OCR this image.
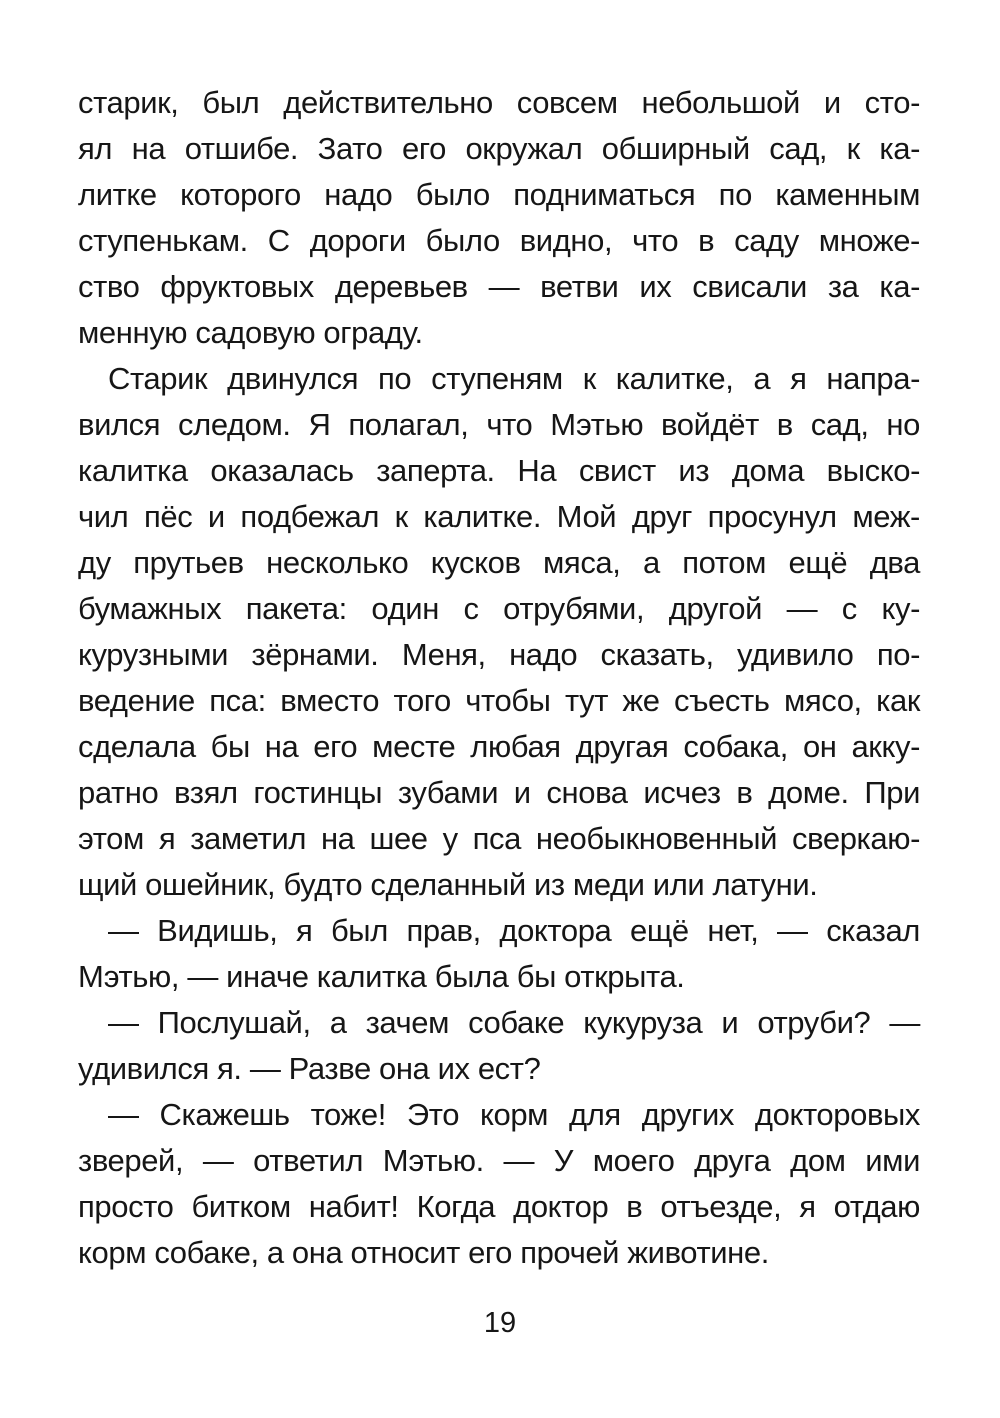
старик, был действительно совсем небольшой и сто-
ял на отшибе. Зато его окружал обширный сад, к ка-
литке которого надо было подниматься по каменным
ступенькам. С дороги было видно, что в саду множе-
ство фруктовых деревьев — ветви их свисали за ка-
менную садовую ограду.
Старик двинулся по ступеням к калитке, а я напра-
вился следом. Я полагал, что Мэтью войдёт в сад, но
калитка оказалась заперта. На свист из дома выско-
чил пёс и подбежал к калитке. Мой друг просунул меж-
ду прутьев несколько кусков мяса, а потом ещё два
бумажных пакета: один с отрубями, другой — с ку-
курузными зёрнами. Меня, надо сказать, удивило по-
ведение пса: вместо того чтобы тут же съесть мясо, как
сделала бы на его месте любая другая собака, он акку-
ратно взял гостинцы зубами и снова исчез в доме. При
этом я заметил на шее у пса необыкновенный сверкаю-
щий ошейник, будто сделанный из меди или латуни.
— Видишь, я был прав, доктора ещё нет, — сказал
Мэтью, — иначе калитка была бы открыта.
— Послушай, а зачем собаке кукуруза и отруби? —
удивился я. — Разве она их ест?
— Скажешь тоже! Это корм для других докторовых
зверей, — ответил Мэтью. — У моего друга дом ими
просто битком набит! Когда доктор в отъезде, я отдаю
корм собаке, а она относит его прочей животине.
19
